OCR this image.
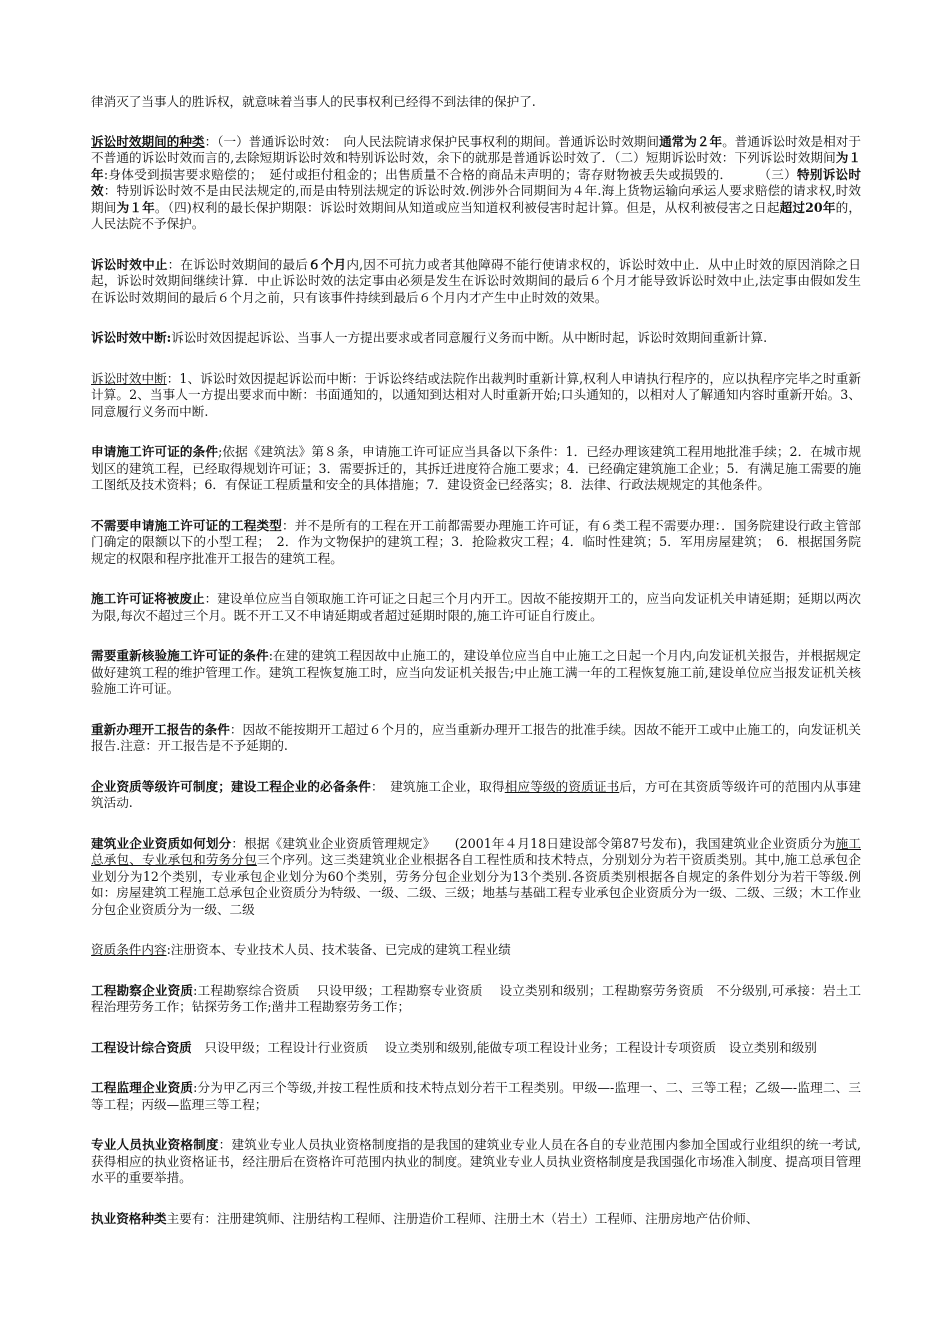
律消灭了当事人的胜诉权，就意味着当事人的民事权利已经得不到法律的保护了.

诉讼时效期间的种类：（一）普通诉讼时效：　向人民法院请求保护民事权利的期间。普通诉讼时效期间通常为２年。普通诉讼时效是相对于不普通的诉讼时效而言的,去除短期诉讼时效和特别诉讼时效，余下的就那是普通诉讼时效了．（二）短期诉讼时效：下列诉讼时效期间为１年:身体受到损害要求赔偿的；　延付或拒付租金的；出售质量不合格的商品未声明的；寄存财物被丢失或损毁的．　　　（三）特别诉讼时效：特别诉讼时效不是由民法规定的,而是由特别法规定的诉讼时效.例涉外合同期间为４年.海上货物运输向承运人要求赔偿的请求权,时效期间为１年。（四)权利的最长保护期限：诉讼时效期间从知道或应当知道权利被侵害时起计算。但是，从权利被侵害之日起超过20年的，人民法院不予保护。

诉讼时效中止：在诉讼时效期间的最后６个月内,因不可抗力或者其他障碍不能行使请求权的，诉讼时效中止．从中止时效的原因消除之日起，诉讼时效期间继续计算．中止诉讼时效的法定事由必须是发生在诉讼时效期间的最后６个月才能导致诉讼时效中止,法定事由假如发生在诉讼时效期间的最后６个月之前，只有该事件持续到最后６个月内才产生中止时效的效果。

诉讼时效中断:诉讼时效因提起诉讼、当事人一方提出要求或者同意履行义务而中断。从中断时起，诉讼时效期间重新计算.

诉讼时效中断：1、诉讼时效因提起诉讼而中断：于诉讼终结或法院作出裁判时重新计算,权利人申请执行程序的，应以执程序完毕之时重新计算。2、当事人一方提出要求而中断：书面通知的，以通知到达相对人时重新开始;口头通知的，以相对人了解通知内容时重新开始。3、同意履行义务而中断.

申请施工许可证的条件;依据《建筑法》第８条，申请施工许可证应当具备以下条件：1．已经办理该建筑工程用地批准手续；2．在城市规划区的建筑工程，已经取得规划许可证；3．需要拆迁的，其拆迁进度符合施工要求；4．已经确定建筑施工企业；5．有满足施工需要的施工图纸及技术资料；6．有保证工程质量和安全的具体措施；7．建设资金已经落实；8．法律、行政法规规定的其他条件。

不需要申请施工许可证的工程类型：并不是所有的工程在开工前都需要办理施工许可证，有６类工程不需要办理：．国务院建设行政主管部门确定的限额以下的小型工程；　2．作为文物保护的建筑工程；3．抢险救灾工程；4．临时性建筑；5．军用房屋建筑；　6．根据国务院规定的权限和程序批准开工报告的建筑工程。

施工许可证将被废止：建设单位应当自领取施工许可证之日起三个月内开工。因故不能按期开工的，应当向发证机关申请延期；延期以两次为限,每次不超过三个月。既不开工又不申请延期或者超过延期时限的,施工许可证自行废止。

需要重新核验施工许可证的条件:在建的建筑工程因故中止施工的，建设单位应当自中止施工之日起一个月内,向发证机关报告，并根据规定做好建筑工程的维护管理工作。建筑工程恢复施工时，应当向发证机关报告;中止施工满一年的工程恢复施工前,建设单位应当报发证机关核验施工许可证。

重新办理开工报告的条件：因故不能按期开工超过６个月的，应当重新办理开工报告的批准手续。因故不能开工或中止施工的，向发证机关报告.注意：开工报告是不予延期的.

企业资质等级许可制度；建设工程企业的必备条件：　建筑施工企业，取得相应等级的资质证书后，方可在其资质等级许可的范围内从事建筑活动.

建筑业企业资质如何划分：根据《建筑业企业资质管理规定》　　(2001年４月18日建设部令第87号发布)，我国建筑业企业资质分为施工总承包、专业承包和劳务分包三个序列。这三类建筑业企业根据各自工程性质和技术特点，分别划分为若干资质类别。其中,施工总承包企业划分为12个类别，专业承包企业划分为60个类别，劳务分包企业划分为13个类别.各资质类别根据各自规定的条件划分为若干等级.例如：房屋建筑工程施工总承包企业资质分为特级、一级、二级、三级；地基与基础工程专业承包企业资质分为一级、二级、三级；木工作业分包企业资质分为一级、二级

资质条件内容:注册资本、专业技术人员、技术装备、已完成的建筑工程业绩

工程勘察企业资质:工程勘察综合资质　 只设甲级；工程勘察专业资质　 设立类别和级别；工程勘察劳务资质　不分级别,可承接：岩土工程治理劳务工作；钻探劳务工作;凿井工程勘察劳务工作；

工程设计综合资质　只设甲级；工程设计行业资质　 设立类别和级别,能做专项工程设计业务；工程设计专项资质　设立类别和级别

工程监理企业资质:分为甲乙丙三个等级,并按工程性质和技术特点划分若干工程类别。甲级—-监理一、二、三等工程；乙级—-监理二、三等工程；丙级—监理三等工程；

专业人员执业资格制度：建筑业专业人员执业资格制度指的是我国的建筑业专业人员在各自的专业范围内参加全国或行业组织的统一考试,获得相应的执业资格证书，经注册后在资格许可范围内执业的制度。建筑业专业人员执业资格制度是我国强化市场准入制度、提高项目管理水平的重要举措。

执业资格种类主要有：注册建筑师、注册结构工程师、注册造价工程师、注册土木（岩土）工程师、注册房地产估价师、
